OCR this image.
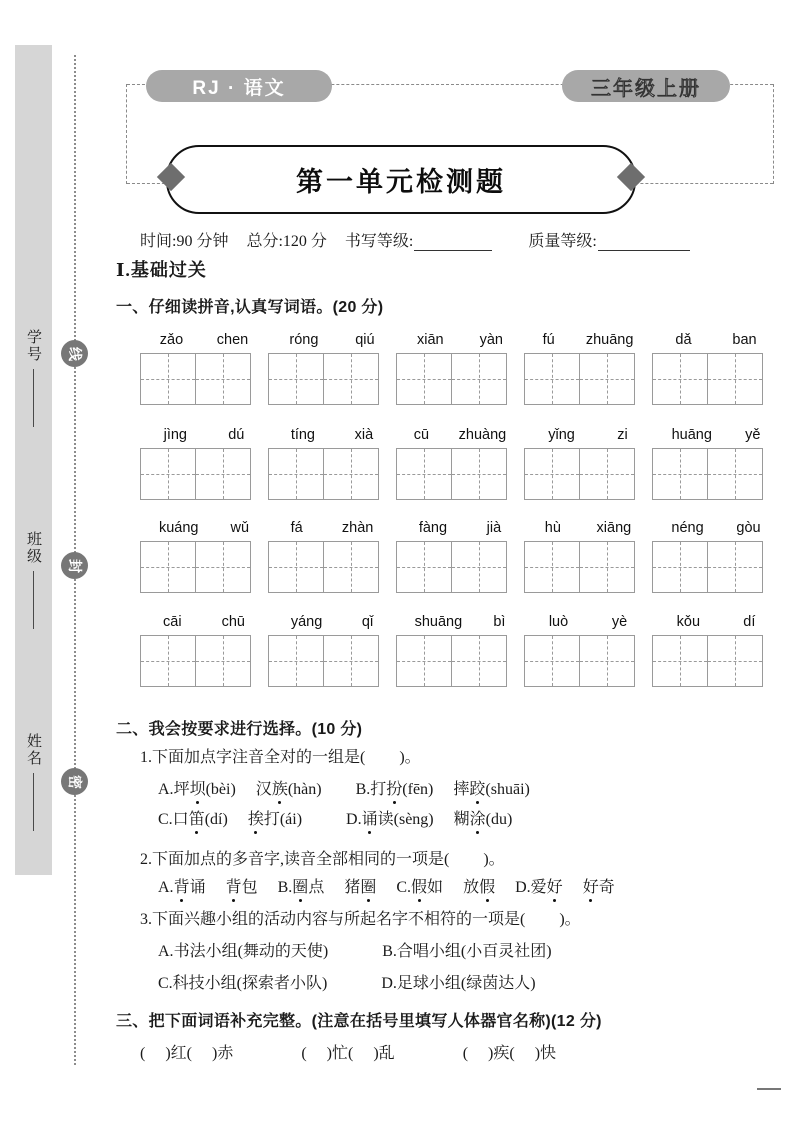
学号
班级
姓名
线
封
密
RJ · 语文	三年级上册
第一单元检测题
时间:90 分钟 总分:120 分 书写等级:	质量等级:
Ⅰ.基础过关
一、仔细读拼音,认真写词语。(20 分)
zǎo chen	róng	qiú	xiān yàn	fú zhuāng	dǎ	ban
jìng	dú	tíng	xià	cū zhuàng	yǐng	zi	huāng yě
kuáng wǔ	fá	zhàn	fàng	jià	hù xiāng	néng gòu
cāi	chū	yáng	qǐ	shuāng bì	luò	yè	kǒu	dí
二、我会按要求进行选择。(10 分)
1.下面加点字注音全对的一组是( )。
A.坪坝(bèi) 汉族(hàn) B.打扮(fēn) 摔跤(shuāi)
C.口笛(dí) 挨打(ái)	D.诵读(sèng) 糊涂(du)
2.下面加点的多音字,读音全部相同的一项是( )。
A.背诵 背包 B.圈点 猪圈 C.假如 放假 D.爱好 好奇
3.下面兴趣小组的活动内容与所起名字不相符的一项是( )。
A.书法小组(舞动的天使)	B.合唱小组(小百灵社团)
C.科技小组(探索者小队)	D.足球小组(绿茵达人)
三、把下面词语补充完整。(注意在括号里填写人体器官名称)(12 分)
( )红( )赤	( )忙( )乱	( )疾( )快
